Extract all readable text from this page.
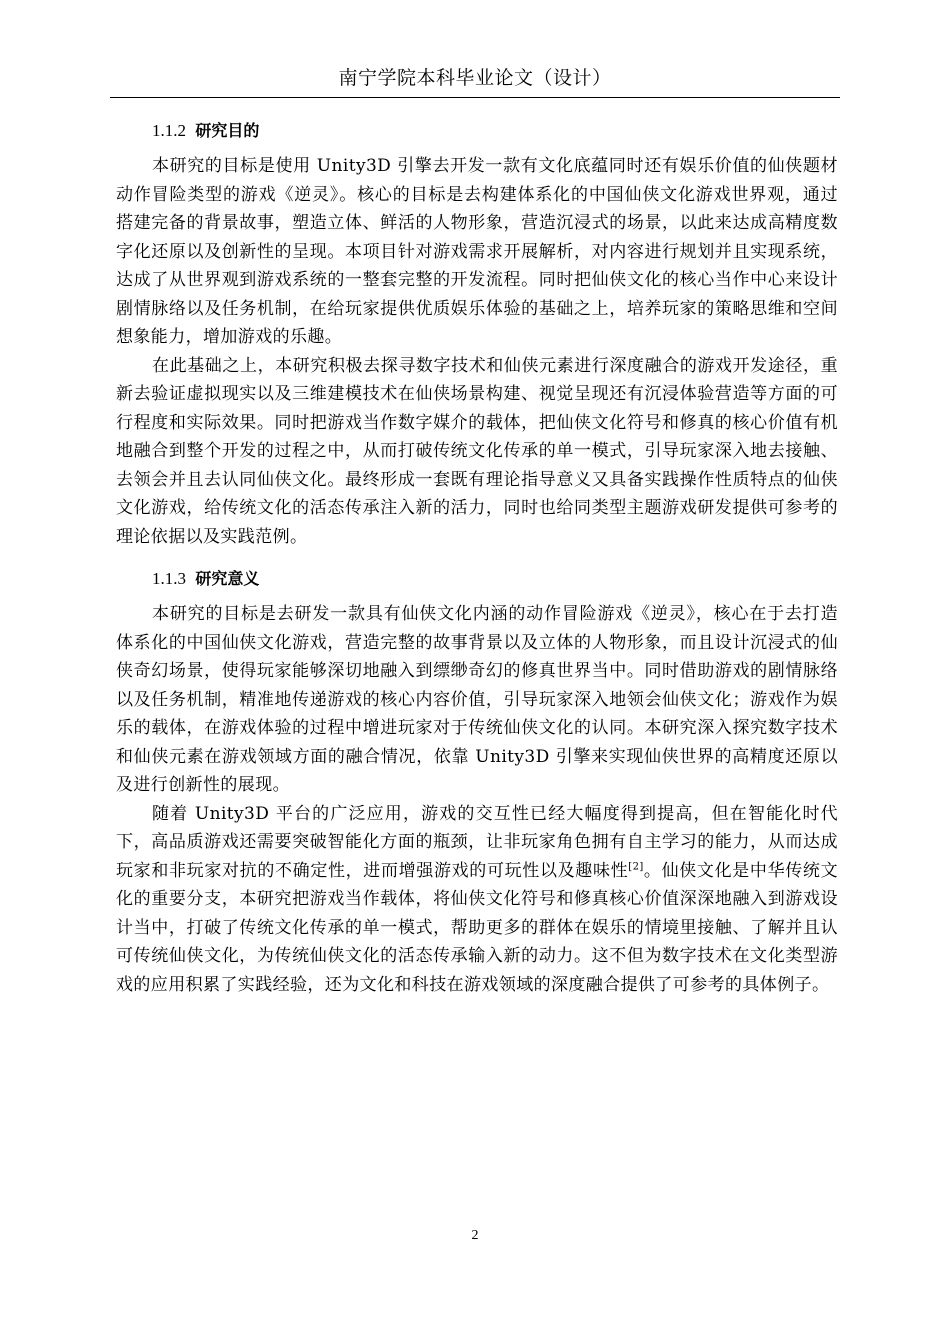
南宁学院本科毕业论文（设计）
1.1.2 研究目的

本研究的目标是使用 Unity3D 引擎去开发一款有文化底蕴同时还有娱乐价值的仙侠题材动作冒险类型的游戏《逆灵》。核心的目标是去构建体系化的中国仙侠文化游戏世界观，通过搭建完备的背景故事，塑造立体、鲜活的人物形象，营造沉浸式的场景，以此来达成高精度数字化还原以及创新性的呈现。本项目针对游戏需求开展解析，对内容进行规划并且实现系统，达成了从世界观到游戏系统的一整套完整的开发流程。同时把仙侠文化的核心当作中心来设计剧情脉络以及任务机制，在给玩家提供优质娱乐体验的基础之上，培养玩家的策略思维和空间想象能力，增加游戏的乐趣。

在此基础之上，本研究积极去探寻数字技术和仙侠元素进行深度融合的游戏开发途径，重新去验证虚拟现实以及三维建模技术在仙侠场景构建、视觉呈现还有沉浸体验营造等方面的可行程度和实际效果。同时把游戏当作数字媒介的载体，把仙侠文化符号和修真的核心价值有机地融合到整个开发的过程之中，从而打破传统文化传承的单一模式，引导玩家深入地去接触、去领会并且去认同仙侠文化。最终形成一套既有理论指导意义又具备实践操作性质特点的仙侠文化游戏，给传统文化的活态传承注入新的活力，同时也给同类型主题游戏研发提供可参考的理论依据以及实践范例。

1.1.3 研究意义

本研究的目标是去研发一款具有仙侠文化内涵的动作冒险游戏《逆灵》，核心在于去打造体系化的中国仙侠文化游戏，营造完整的故事背景以及立体的人物形象，而且设计沉浸式的仙侠奇幻场景，使得玩家能够深切地融入到缥缈奇幻的修真世界当中。同时借助游戏的剧情脉络以及任务机制，精准地传递游戏的核心内容价值，引导玩家深入地领会仙侠文化；游戏作为娱乐的载体，在游戏体验的过程中增进玩家对于传统仙侠文化的认同。本研究深入探究数字技术和仙侠元素在游戏领域方面的融合情况，依靠 Unity3D 引擎来实现仙侠世界的高精度还原以及进行创新性的展现。

随着 Unity3D 平台的广泛应用，游戏的交互性已经大幅度得到提高，但在智能化时代下，高品质游戏还需要突破智能化方面的瓶颈，让非玩家角色拥有自主学习的能力，从而达成玩家和非玩家对抗的不确定性，进而增强游戏的可玩性以及趣味性[2]。仙侠文化是中华传统文化的重要分支，本研究把游戏当作载体，将仙侠文化符号和修真核心价值深深地融入到游戏设计当中，打破了传统文化传承的单一模式，帮助更多的群体在娱乐的情境里接触、了解并且认可传统仙侠文化，为传统仙侠文化的活态传承输入新的动力。这不但为数字技术在文化类型游戏的应用积累了实践经验，还为文化和科技在游戏领域的深度融合提供了可参考的具体例子。

2
